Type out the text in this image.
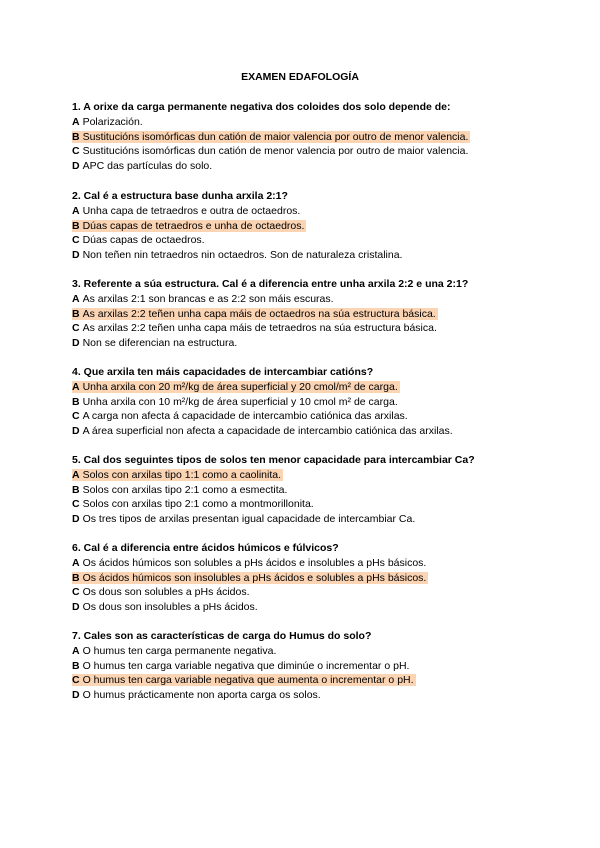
EXAMEN EDAFOLOGÍA
1. A orixe da carga permanente negativa dos coloides dos solo depende de:
A Polarización.
B Sustitucións isomórficas dun catión de maior valencia por outro de menor valencia.
C Sustitucións isomórficas dun catión de menor valencia por outro de maior valencia.
D APC das partículas do solo.
2. Cal é a estructura base dunha arxila 2:1?
A Unha capa de tetraedros e outra de octaedros.
B Dúas capas de tetraedros e unha de octaedros.
C Dúas capas de octaedros.
D Non teñen nin tetraedros nin octaedros. Son de naturaleza cristalina.
3. Referente a súa estructura. Cal é a diferencia entre unha arxila 2:2 e una 2:1?
A As arxilas 2:1 son brancas e as 2:2 son máis escuras.
B As arxilas 2:2 teñen unha capa máis de octaedros na súa estructura básica.
C As arxilas 2:2 teñen unha capa máis de tetraedros na súa estructura básica.
D Non se diferencian na estructura.
4. Que arxila ten máis capacidades de intercambiar catións?
A Unha arxila con 20 m²/kg de área superficial y 20 cmol/m² de carga.
B Unha arxila con 10 m²/kg de área superficial y 10 cmol m² de carga.
C A carga non afecta á capacidade de intercambio catiónica das arxilas.
D A área superficial non afecta a capacidade de intercambio catiónica das arxilas.
5. Cal dos seguintes tipos de solos ten menor capacidade para intercambiar Ca?
A Solos con arxilas tipo 1:1 como a caolinita.
B Solos con arxilas tipo 2:1 como a esmectita.
C Solos con arxilas tipo 2:1 como a montmorillonita.
D Os tres tipos de arxilas presentan igual capacidade de intercambiar Ca.
6. Cal é a diferencia entre ácidos húmicos e fúlvicos?
A Os ácidos húmicos son solubles a pHs ácidos e insolubles a pHs básicos.
B Os ácidos húmicos son insolubles a pHs ácidos e solubles a pHs básicos.
C Os dous son solubles a pHs ácidos.
D Os dous son insolubles a pHs ácidos.
7. Cales son as características de carga do Humus do solo?
A O humus ten carga permanente negativa.
B O humus ten carga variable negativa que diminúe o incrementar o pH.
C O humus ten carga variable negativa que aumenta o incrementar o pH.
D O humus prácticamente non aporta carga os solos.
